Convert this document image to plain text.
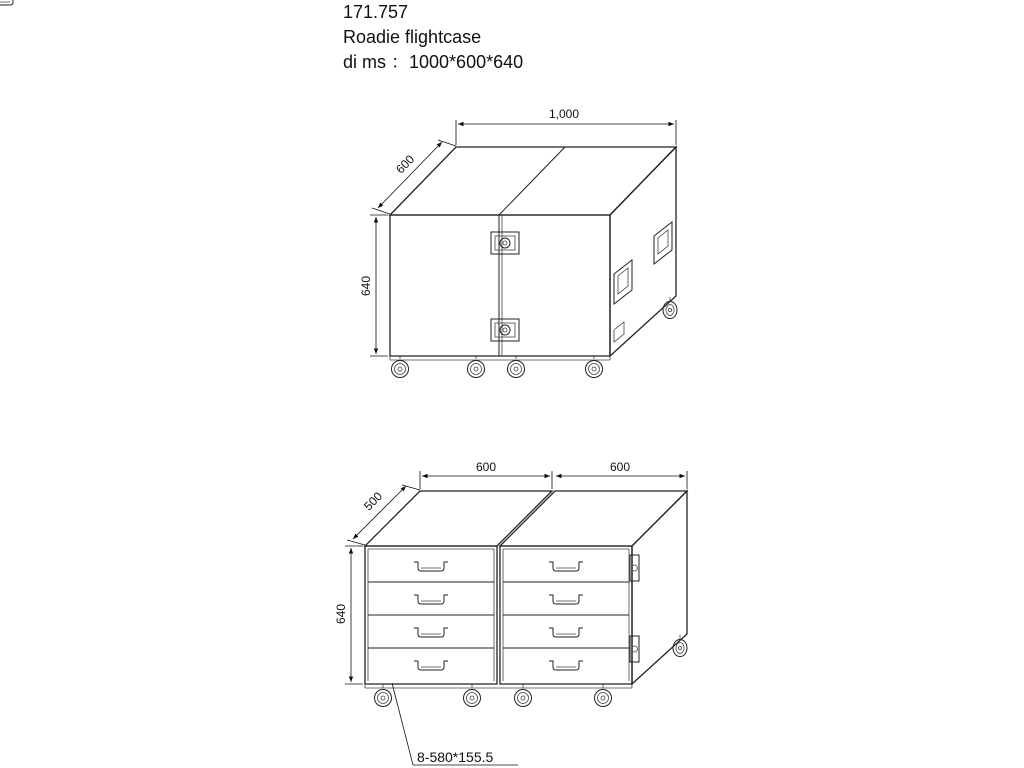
171.757
Roadie flightcase
di ms ：1000*600*640
1,000
600
640
600	600
500
640
8-580*155.5
